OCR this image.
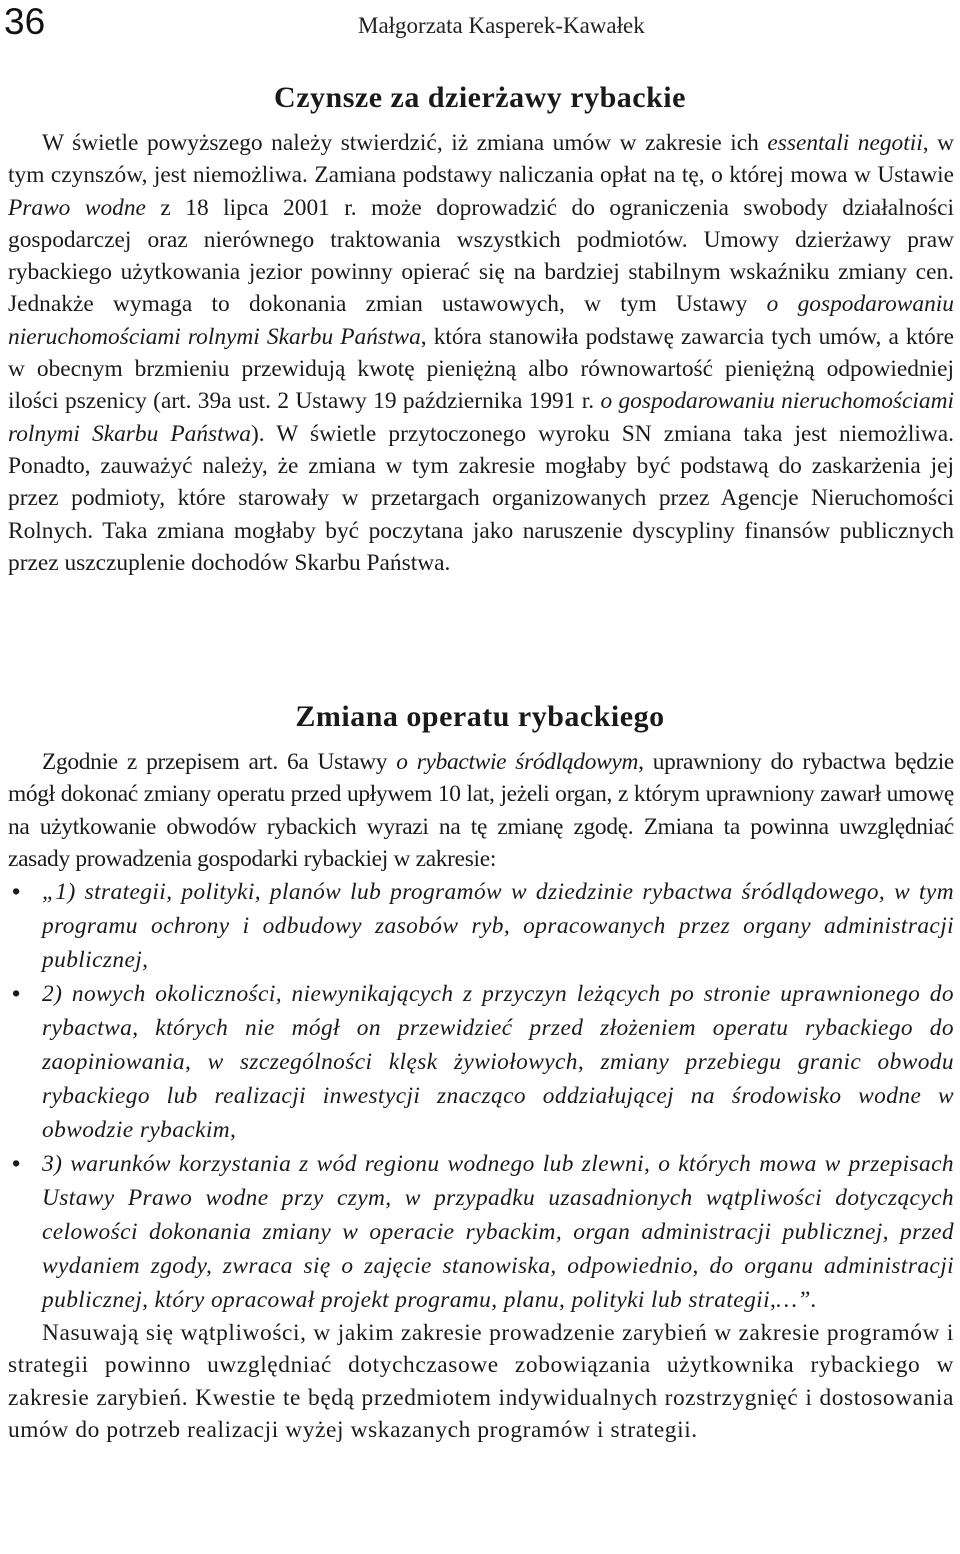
36	Małgorzata Kasperek-Kawałek
Czynsze za dzierżawy rybackie

W świetle powyższego należy stwierdzić, iż zmiana umów w zakresie ich essentali negotii, w tym czynszów, jest niemożliwa. Zamiana podstawy naliczania opłat na tę, o której mowa w Ustawie Prawo wodne z 18 lipca 2001 r. może doprowadzić do ograniczenia swobody działalności gospodarczej oraz nierównego traktowania wszystkich podmiotów. Umowy dzierżawy praw rybackiego użytkowania jezior powinny opierać się na bardziej stabilnym wskaźniku zmiany cen. Jednakże wymaga to dokonania zmian ustawowych, w tym Ustawy o gospodarowaniu nieruchomościami rolnymi Skarbu Państwa, która stanowiła podstawę zawarcia tych umów, a które w obecnym brzmieniu przewidują kwotę pieniężną albo równowartość pieniężną odpowiedniej ilości pszenicy (art. 39a ust. 2 Ustawy 19 października 1991 r. o gospodarowaniu nieruchomościami rolnymi Skarbu Państwa). W świetle przytoczonego wyroku SN zmiana taka jest niemożliwa. Ponadto, zauważyć należy, że zmiana w tym zakresie mogłaby być podstawą do zaskarżenia jej przez podmioty, które starowały w przetargach organizowanych przez Agencje Nieruchomości Rolnych. Taka zmiana mogłaby być poczytana jako naruszenie dyscypliny finansów publicznych przez uszczuplenie dochodów Skarbu Państwa.

Zmiana operatu rybackiego

Zgodnie z przepisem art. 6a Ustawy o rybactwie śródlądowym, uprawniony do rybactwa będzie mógł dokonać zmiany operatu przed upływem 10 lat, jeżeli organ, z którym uprawniony zawarł umowę na użytkowanie obwodów rybackich wyrazi na tę zmianę zgodę. Zmiana ta powinna uwzględniać zasady prowadzenia gospodarki rybackiej w zakresie:

• „1) strategii, polityki, planów lub programów w dziedzinie rybactwa śródlądowego, w tym programu ochrony i odbudowy zasobów ryb, opracowanych przez organy administracji publicznej,
• 2) nowych okoliczności, niewynikających z przyczyn leżących po stronie uprawnionego do rybactwa, których nie mógł on przewidzieć przed złożeniem operatu rybackiego do zaopiniowania, w szczególności klęsk żywiołowych, zmiany przebiegu granic obwodu rybackiego lub realizacji inwestycji znacząco oddziałującej na środowisko wodne w obwodzie rybackim,
• 3) warunków korzystania z wód regionu wodnego lub zlewni, o których mowa w przepisach Ustawy Prawo wodne przy czym, w przypadku uzasadnionych wątpliwości dotyczących celowości dokonania zmiany w operacie rybackim, organ administracji publicznej, przed wydaniem zgody, zwraca się o zajęcie stanowiska, odpowiednio, do organu administracji publicznej, który opracował projekt programu, planu, polityki lub strategii,…”.

Nasuwają się wątpliwości, w jakim zakresie prowadzenie zarybień w zakresie programów i strategii powinno uwzględniać dotychczasowe zobowiązania użytkownika rybackiego w zakresie zarybień. Kwestie te będą przedmiotem indywidualnych rozstrzygnięć i dostosowania umów do potrzeb realizacji wyżej wskazanych programów i strategii.
